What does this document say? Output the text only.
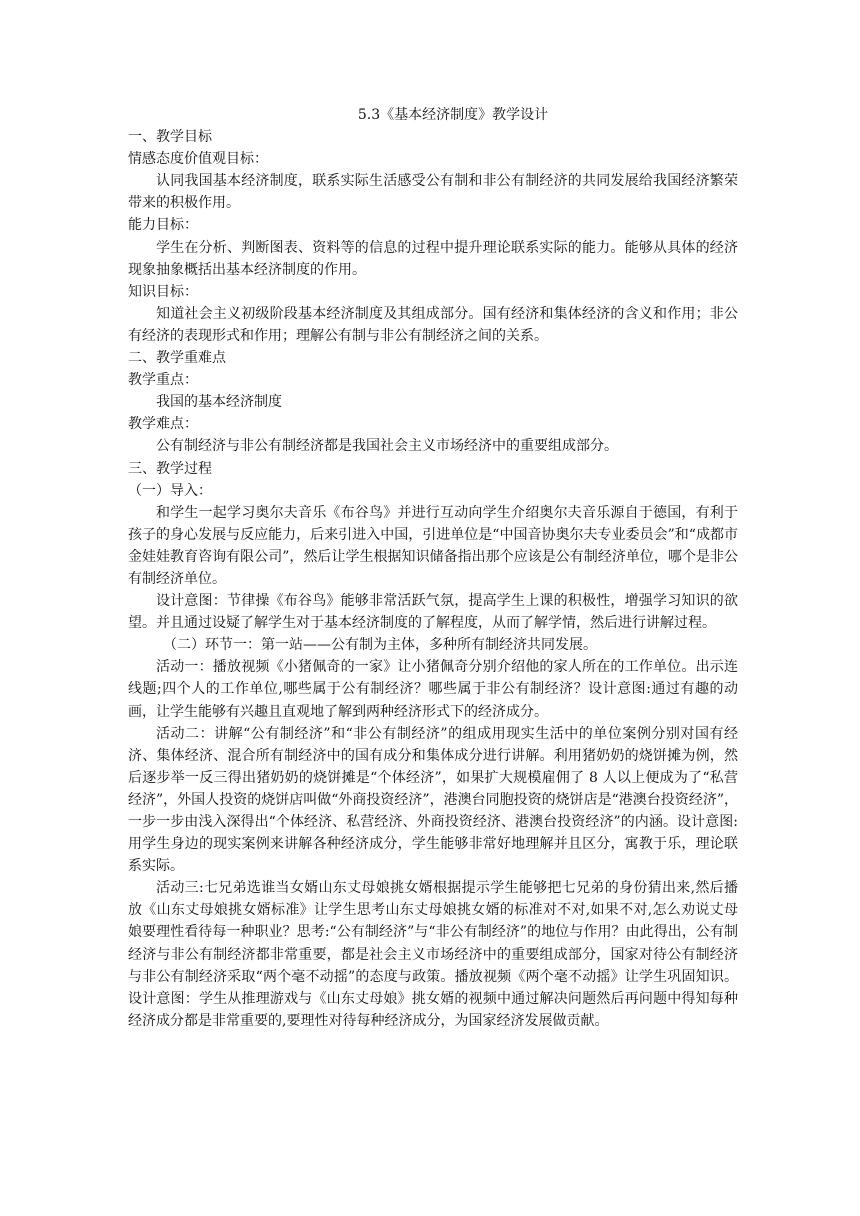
5.3《基本经济制度》教学设计

一、教学目标

情感态度价值观目标：

认同我国基本经济制度，联系实际生活感受公有制和非公有制经济的共同发展给我国经济繁荣带来的积极作用。

能力目标：

学生在分析、判断图表、资料等的信息的过程中提升理论联系实际的能力。能够从具体的经济现象抽象概括出基本经济制度的作用。

知识目标：

知道社会主义初级阶段基本经济制度及其组成部分。国有经济和集体经济的含义和作用；非公有经济的表现形式和作用；理解公有制与非公有制经济之间的关系。

二、教学重难点

教学重点：

我国的基本经济制度

教学难点：

公有制经济与非公有制经济都是我国社会主义市场经济中的重要组成部分。

三、教学过程

（一）导入：

和学生一起学习奥尔夫音乐《布谷鸟》并进行互动向学生介绍奥尔夫音乐源自于德国，有利于孩子的身心发展与反应能力，后来引进入中国，引进单位是“中国音协奥尔夫专业委员会”和“成都市金娃娃教育咨询有限公司”，然后让学生根据知识储备指出那个应该是公有制经济单位，哪个是非公有制经济单位。

设计意图：节律操《布谷鸟》能够非常活跃气氛，提高学生上课的积极性，增强学习知识的欲望。并且通过设疑了解学生对于基本经济制度的了解程度，从而了解学情，然后进行讲解过程。

（二）环节一：第一站——公有制为主体，多种所有制经济共同发展。

活动一：播放视频《小猪佩奇的一家》让小猪佩奇分别介绍他的家人所在的工作单位。出示连线题;四个人的工作单位,哪些属于公有制经济？哪些属于非公有制经济？设计意图:通过有趣的动画，让学生能够有兴趣且直观地了解到两种经济形式下的经济成分。

活动二：讲解“公有制经济”和“非公有制经济”的组成用现实生活中的单位案例分别对国有经济、集体经济、混合所有制经济中的国有成分和集体成分进行讲解。利用猪奶奶的烧饼摊为例，然后逐步举一反三得出猪奶奶的烧饼摊是“个体经济”，如果扩大规模雇佣了 8 人以上便成为了“私营经济”，外国人投资的烧饼店叫做“外商投资经济”，港澳台同胞投资的烧饼店是“港澳台投资经济”，一步一步由浅入深得出“个体经济、私营经济、外商投资经济、港澳台投资经济”的内涵。设计意图:用学生身边的现实案例来讲解各种经济成分，学生能够非常好地理解并且区分，寓教于乐，理论联系实际。

活动三:七兄弟选谁当女婿山东丈母娘挑女婿根据提示学生能够把七兄弟的身份猜出来,然后播放《山东丈母娘挑女婿标准》让学生思考山东丈母娘挑女婿的标准对不对,如果不对,怎么劝说丈母娘要理性看待每一种职业？思考:“公有制经济”与“非公有制经济”的地位与作用？由此得出，公有制经济与非公有制经济都非常重要，都是社会主义市场经济中的重要组成部分，国家对待公有制经济与非公有制经济采取“两个毫不动摇”的态度与政策。播放视频《两个毫不动摇》让学生巩固知识。设计意图：学生从推理游戏与《山东丈母娘》挑女婿的视频中通过解决问题然后再问题中得知每种经济成分都是非常重要的,要理性对待每种经济成分，为国家经济发展做贡献。
